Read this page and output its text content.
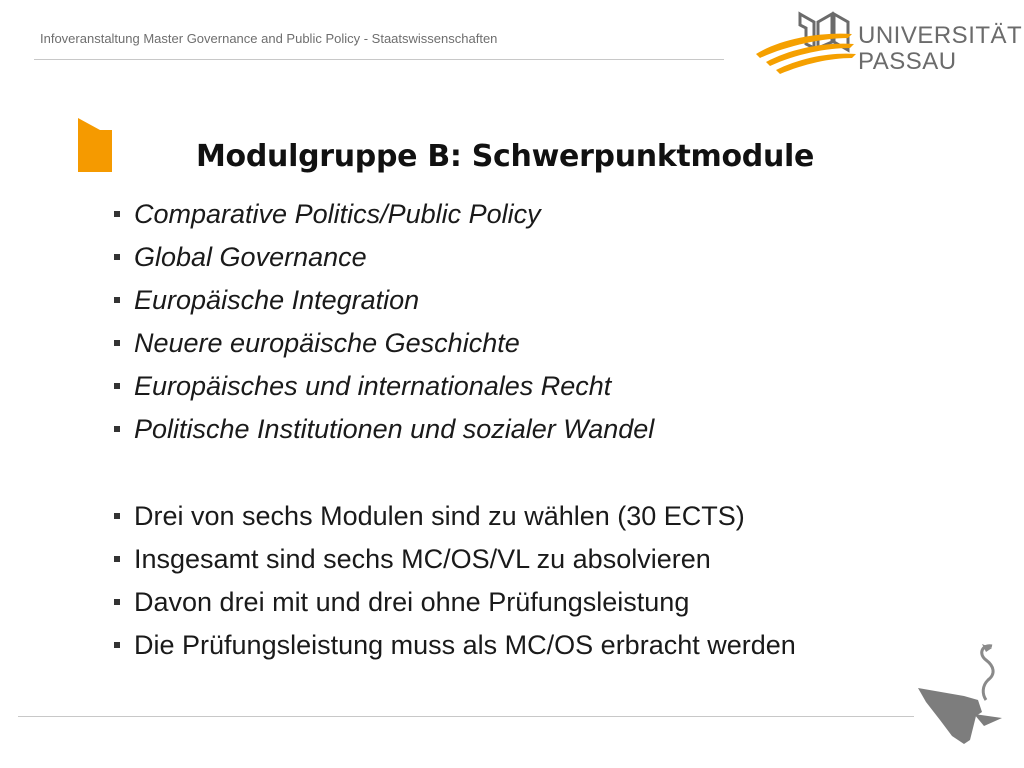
Infoveranstaltung Master Governance and Public Policy - Staatswissenschaften	UNIVERSITÄT
PASSAU
Modulgruppe B: Schwerpunktmodule
Comparative Politics/Public Policy
Global Governance
Europäische Integration
Neuere europäische Geschichte
Europäisches und internationales Recht
Politische Institutionen und sozialer Wandel
Drei von sechs Modulen sind zu wählen (30 ECTS)
Insgesamt sind sechs MC/OS/VL zu absolvieren
Davon drei mit und drei ohne Prüfungsleistung
Die Prüfungsleistung muss als MC/OS erbracht werden
